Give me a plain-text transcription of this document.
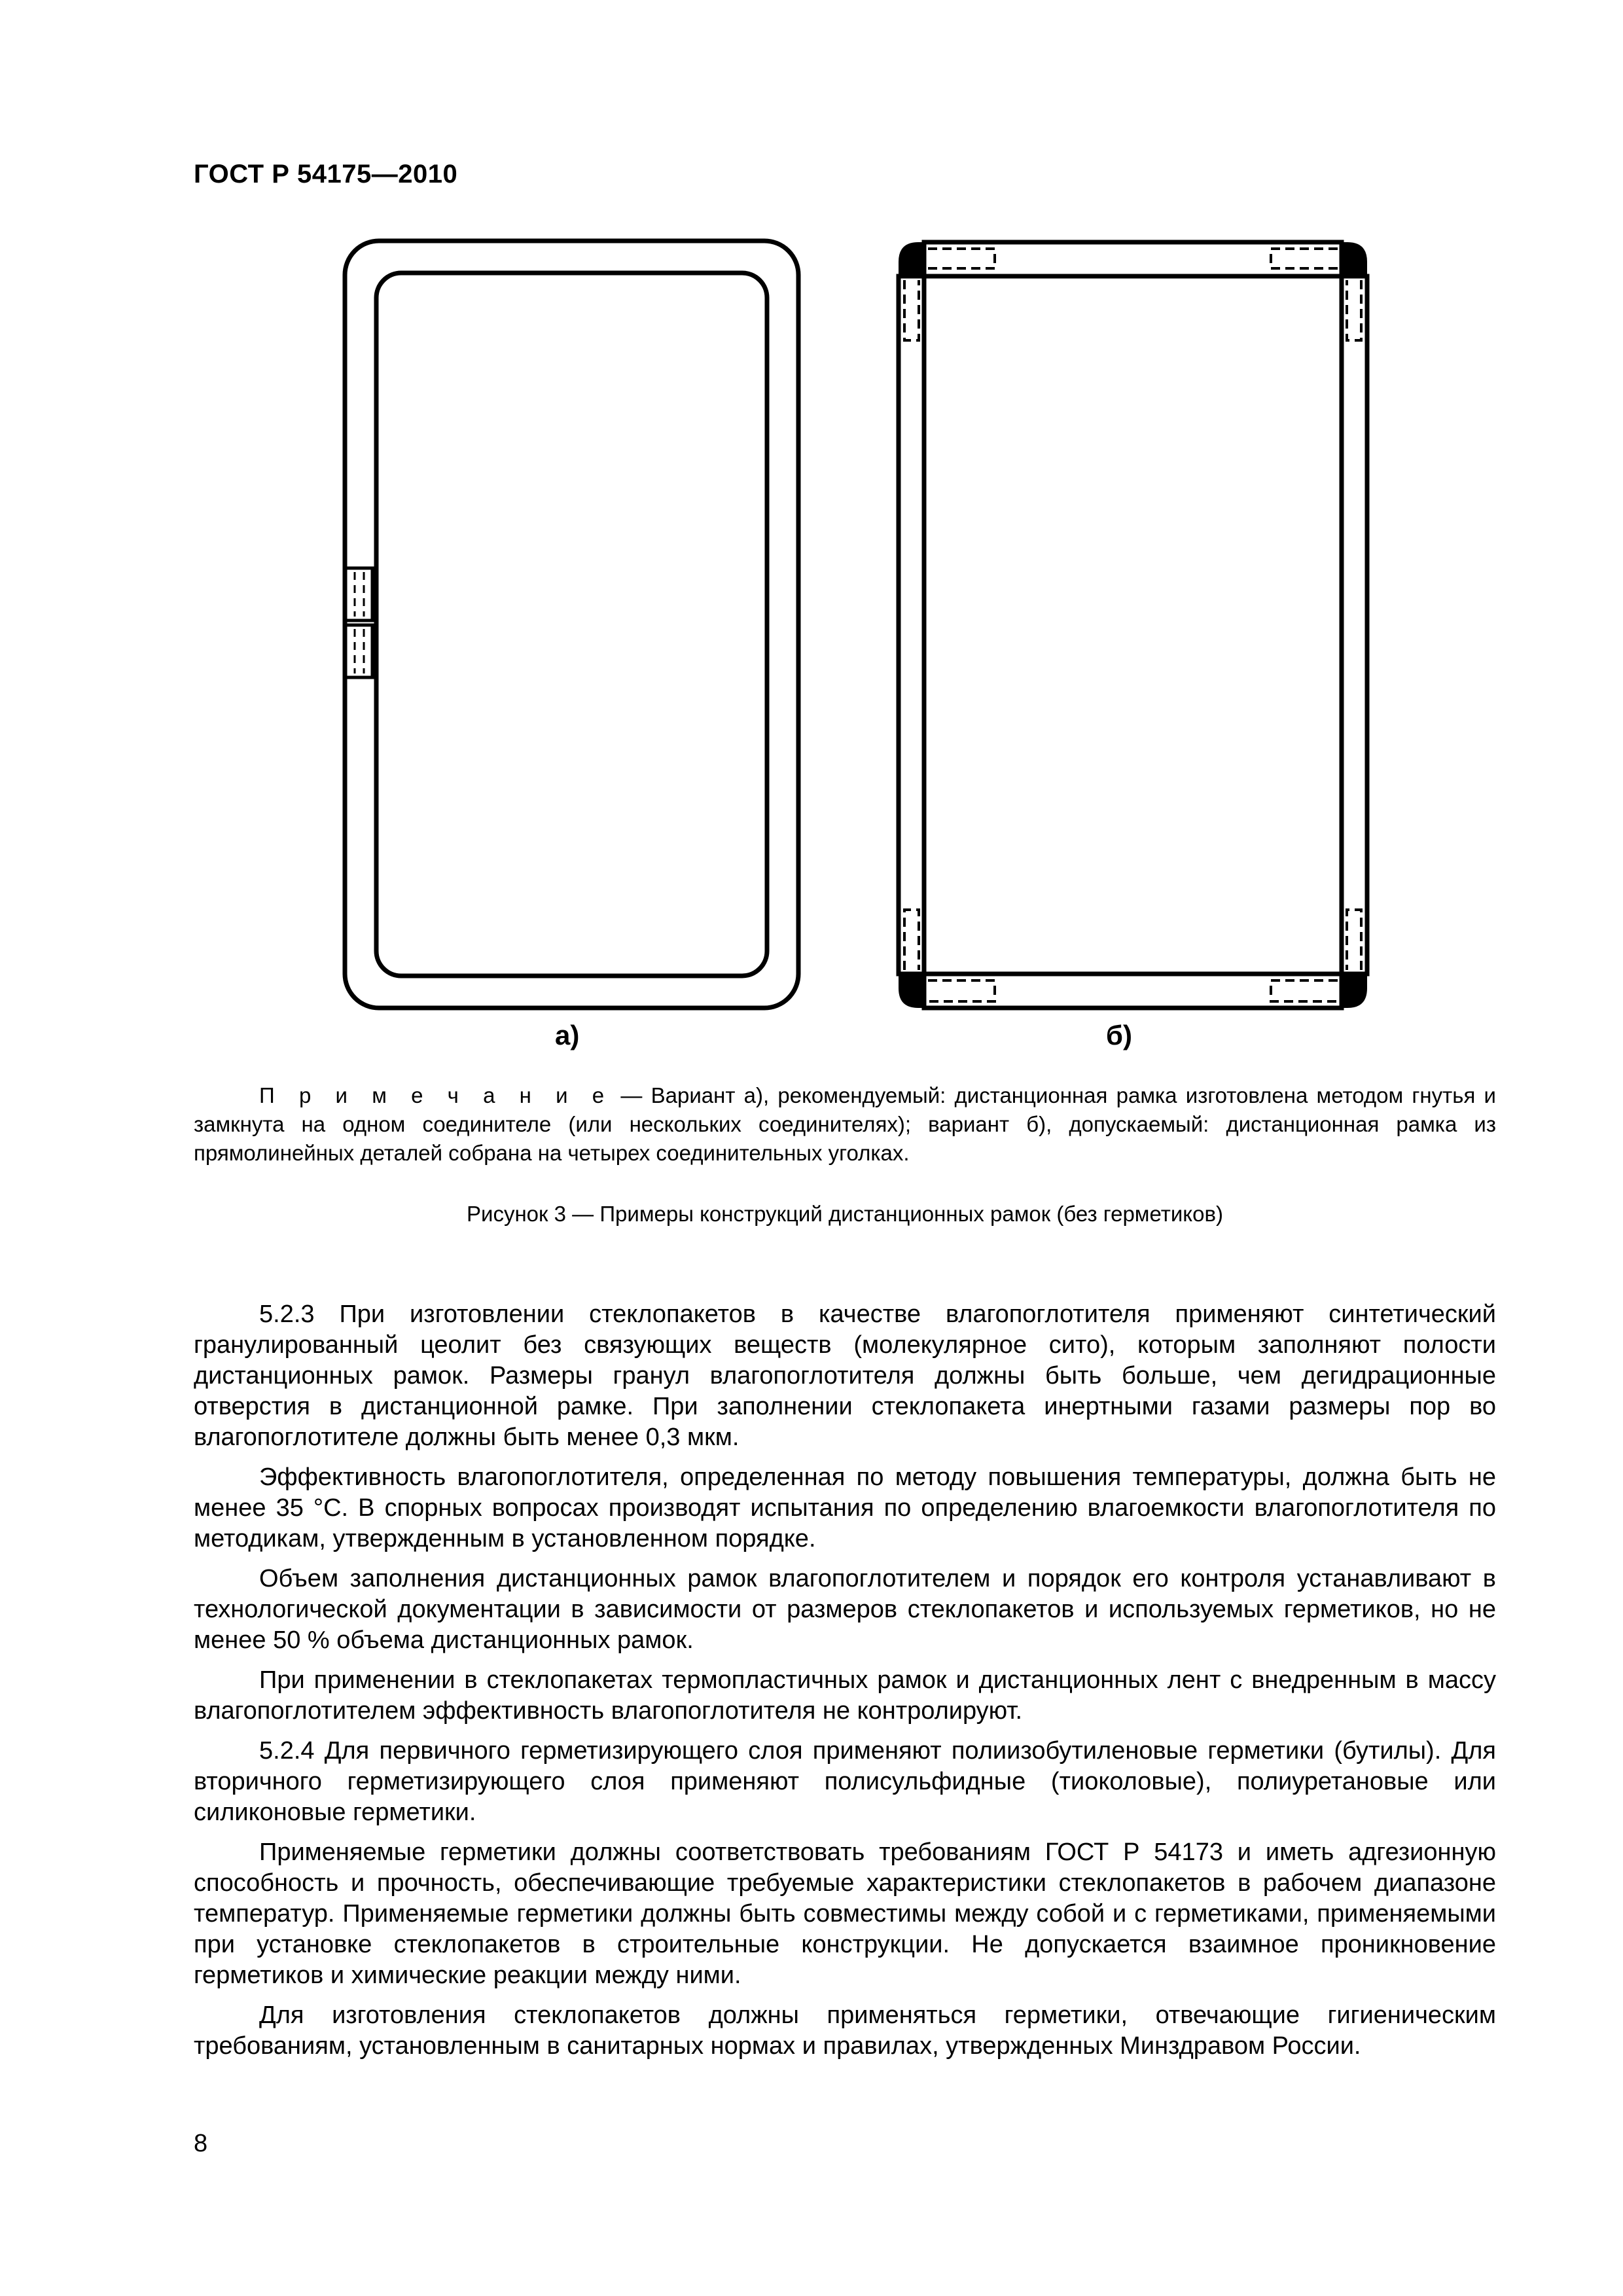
ГОСТ Р 54175—2010
а)	б)
П р и м е ч а н и е — Вариант а), рекомендуемый: дистанционная рамка изготовлена методом гнутья и замкнута на одном соединителе (или нескольких соединителях); вариант б), допускаемый: дистанционная рамка из прямолинейных деталей собрана на четырех соединительных уголках.
Рисунок 3 — Примеры конструкций дистанционных рамок (без герметиков)

5.2.3 При изготовлении стеклопакетов в качестве влагопоглотителя применяют синтетический гранулированный цеолит без связующих веществ (молекулярное сито), которым заполняют полости дистанционных рамок. Размеры гранул влагопоглотителя должны быть больше, чем дегидрационные отверстия в дистанционной рамке. При заполнении стеклопакета инертными газами размеры пор во влагопоглотителе должны быть менее 0,3 мкм.

Эффективность влагопоглотителя, определенная по методу повышения температуры, должна быть не менее 35 °С. В спорных вопросах производят испытания по определению влагоемкости влагопоглотителя по методикам, утвержденным в установленном порядке.

Объем заполнения дистанционных рамок влагопоглотителем и порядок его контроля устанавливают в технологической документации в зависимости от размеров стеклопакетов и используемых герметиков, но не менее 50 % объема дистанционных рамок.

При применении в стеклопакетах термопластичных рамок и дистанционных лент с внедренным в массу влагопоглотителем эффективность влагопоглотителя не контролируют.

5.2.4 Для первичного герметизирующего слоя применяют полиизобутиленовые герметики (бутилы). Для вторичного герметизирующего слоя применяют полисульфидные (тиоколовые), полиуретановые или силиконовые герметики.

Применяемые герметики должны соответствовать требованиям ГОСТ Р 54173 и иметь адгезионную способность и прочность, обеспечивающие требуемые характеристики стеклопакетов в рабочем диапазоне температур. Применяемые герметики должны быть совместимы между собой и с герметиками, применяемыми при установке стеклопакетов в строительные конструкции. Не допускается взаимное проникновение герметиков и химические реакции между ними.

Для изготовления стеклопакетов должны применяться герметики, отвечающие гигиеническим требованиям, установленным в санитарных нормах и правилах, утвержденных Минздравом России.

8
